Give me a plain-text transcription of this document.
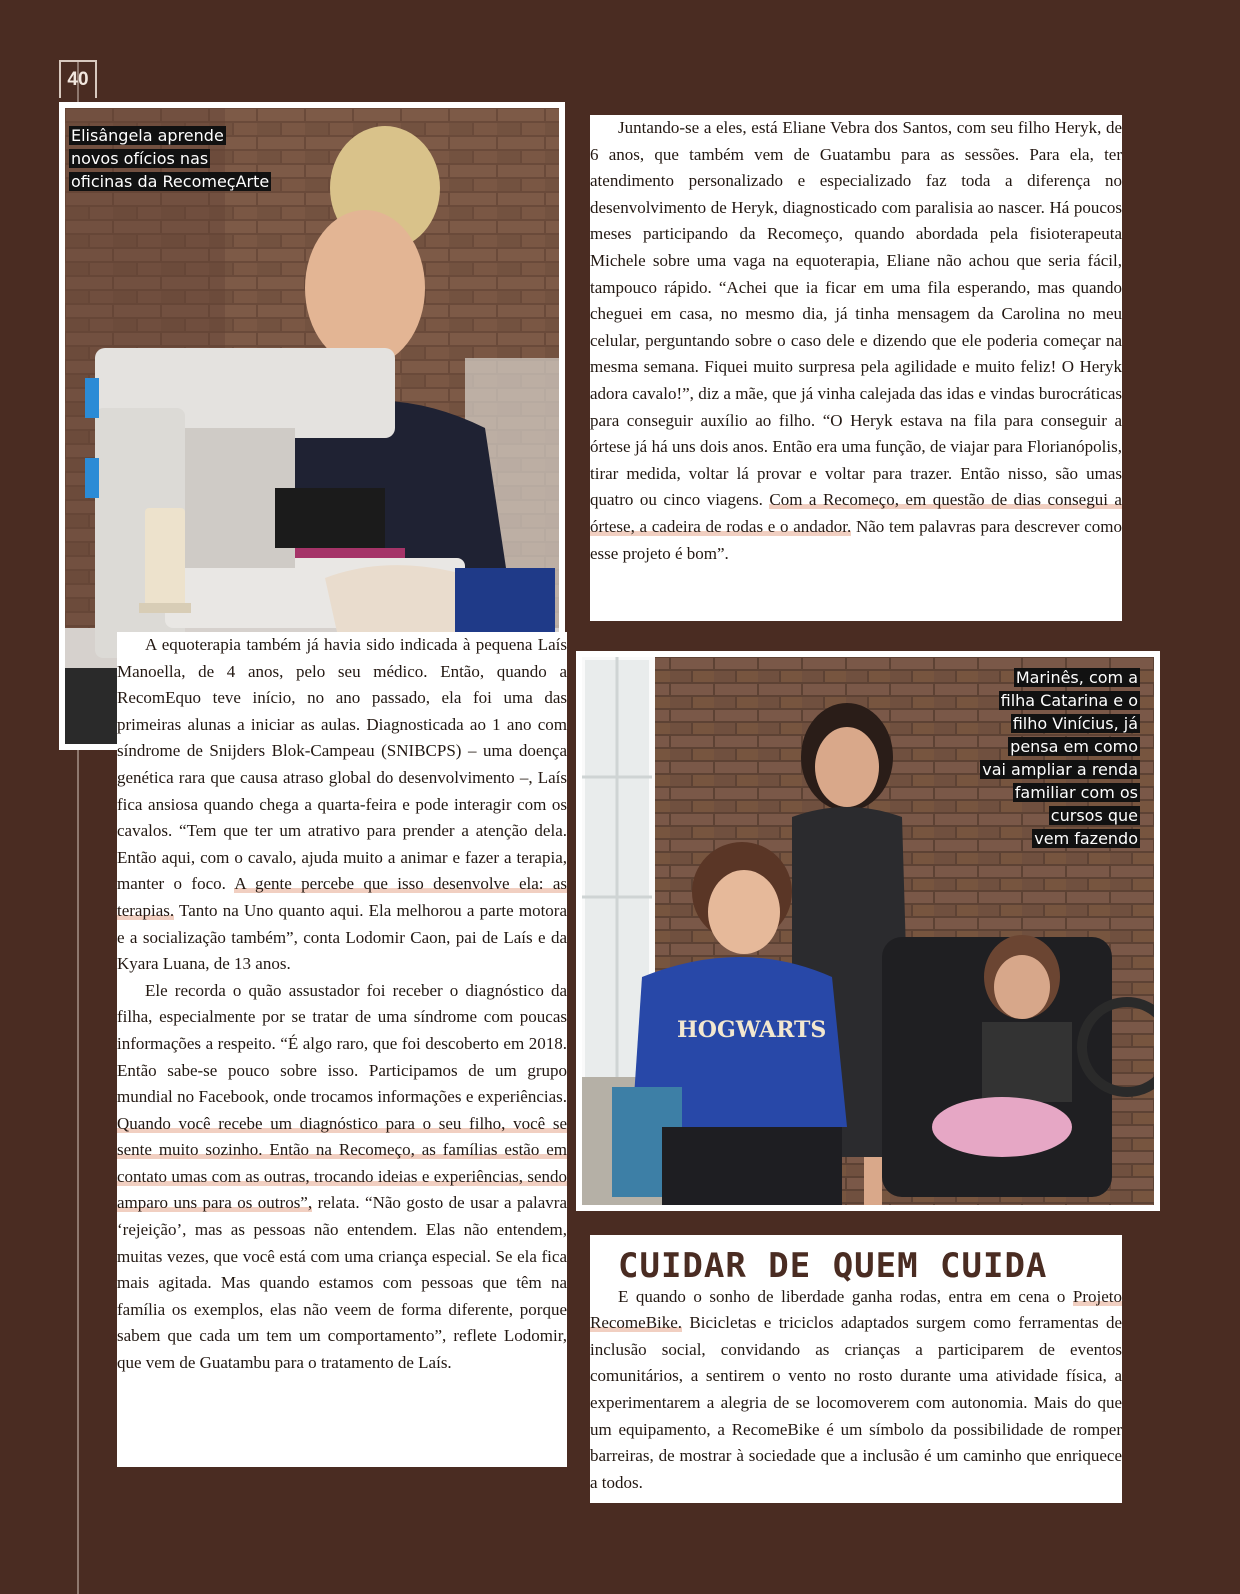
40
Elisângela aprende
novos ofícios nas
oficinas da RecomeçArte

A equoterapia também já havia sido indicada à pequena Laís Manoella, de 4 anos, pelo seu médico. Então, quando a RecomEquo teve início, no ano passado, ela foi uma das primeiras alunas a iniciar as aulas. Diagnosticada ao 1 ano com síndrome de Snijders Blok-Campeau (SNIBCPS) – uma doença genética rara que causa atraso global do desenvolvimento –, Laís fica ansiosa quando chega a quarta-feira e pode interagir com os cavalos. “Tem que ter um atrativo para prender a atenção dela. Então aqui, com o cavalo, ajuda muito a animar e fazer a terapia, manter o foco. A gente percebe que isso desenvolve ela: as terapias. Tanto na Uno quanto aqui. Ela melhorou a parte motora e a socialização também”, conta Lodomir Caon, pai de Laís e da Kyara Luana, de 13 anos.

Ele recorda o quão assustador foi receber o diagnóstico da filha, especialmente por se tratar de uma síndrome com poucas informações a respeito. “É algo raro, que foi descoberto em 2018. Então sabe-se pouco sobre isso. Participamos de um grupo mundial no Facebook, onde trocamos informações e experiências. Quando você recebe um diagnóstico para o seu filho, você se sente muito sozinho. Então na Recomeço, as famílias estão em contato umas com as outras, trocando ideias e experiências, sendo amparo uns para os outros”, relata. “Não gosto de usar a palavra ‘rejeição’, mas as pessoas não entendem. Elas não entendem, muitas vezes, que você está com uma criança especial. Se ela fica mais agitada. Mas quando estamos com pessoas que têm na família os exemplos, elas não veem de forma diferente, porque sabem que cada um tem um comportamento”, reflete Lodomir, que vem de Guatambu para o tratamento de Laís.

Juntando-se a eles, está Eliane Vebra dos Santos, com seu filho Heryk, de 6 anos, que também vem de Guatambu para as sessões. Para ela, ter atendimento personalizado e especializado faz toda a diferença no desenvolvimento de Heryk, diagnosticado com paralisia ao nascer. Há poucos meses participando da Recomeço, quando abordada pela fisioterapeuta Michele sobre uma vaga na equoterapia, Eliane não achou que seria fácil, tampouco rápido. “Achei que ia ficar em uma fila esperando, mas quando cheguei em casa, no mesmo dia, já tinha mensagem da Carolina no meu celular, perguntando sobre o caso dele e dizendo que ele poderia começar na mesma semana. Fiquei muito surpresa pela agilidade e muito feliz! O Heryk adora cavalo!”, diz a mãe, que já vinha calejada das idas e vindas burocráticas para conseguir auxílio ao filho. “O Heryk estava na fila para conseguir a órtese já há uns dois anos. Então era uma função, de viajar para Florianópolis, tirar medida, voltar lá provar e voltar para trazer. Então nisso, são umas quatro ou cinco viagens. Com a Recomeço, em questão de dias consegui a órtese, a cadeira de rodas e o andador. Não tem palavras para descrever como esse projeto é bom”.

HOGWARTS
Marinês, com a
filha Catarina e o
filho Vinícius, já
pensa em como
vai ampliar a renda
familiar com os
cursos que
vem fazendo
CUIDAR DE QUEM CUIDA

E quando o sonho de liberdade ganha rodas, entra em cena o Projeto RecomeBike. Bicicletas e triciclos adaptados surgem como ferramentas de inclusão social, convidando as crianças a participarem de eventos comunitários, a sentirem o vento no rosto durante uma atividade física, a experimentarem a alegria de se locomoverem com autonomia. Mais do que um equipamento, a RecomeBike é um símbolo da possibilidade de romper barreiras, de mostrar à sociedade que a inclusão é um caminho que enriquece a todos.
